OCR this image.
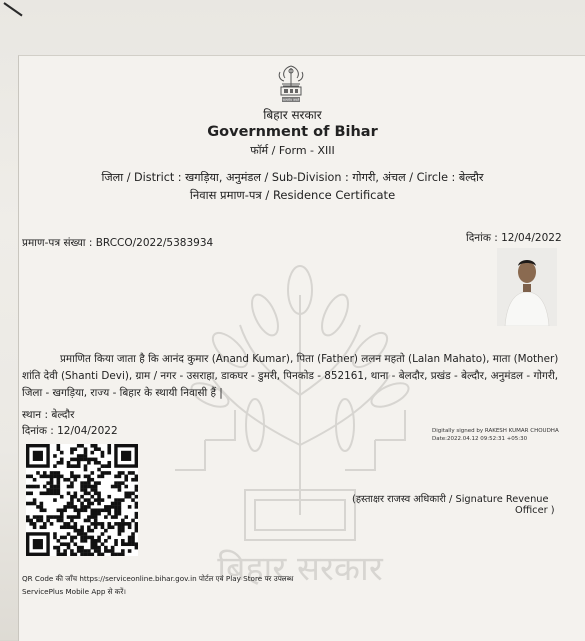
सत्यमेव जयते
बिहार सरकार
Government of Bihar
फॉर्म / Form - XIII
जिला / District : खगड़िया, अनुमंडल / Sub-Division : गोगरी, अंचल / Circle : बेल्दौर
निवास प्रमाण-पत्र / Residence Certificate
प्रमाण-पत्र संख्या : BRCCO/2022/5383934	दिनांक : 12/04/2022
बिहार सरकार
प्रमाणित किया जाता है कि आनंद कुमार (Anand Kumar), पिता (Father) ललन महतो (Lalan Mahato), माता (Mother)
शांति देवी (Shanti Devi), ग्राम / नगर - उसराहा, डाकघर - डुमरी, पिनकोड - 852161, थाना - बेलदौर, प्रखंड - बेल्दौर, अनुमंडल - गोगरी,
जिला - खगड़िया, राज्य - बिहार के स्थायी निवासी हैं |
स्थान : बेल्दौर
दिनांक : 12/04/2022	Digitally signed by RAKESH KUMAR CHOUDHA
Date:2022.04.12 09:52:31 +05:30
(हस्ताक्षर राजस्व अधिकारी / Signature Revenue
Officer )
QR Code की जाँच https://serviceonline.bihar.gov.in पोर्टल एवं Play Store पर उपलब्ध
ServicePlus Mobile App से करें।
